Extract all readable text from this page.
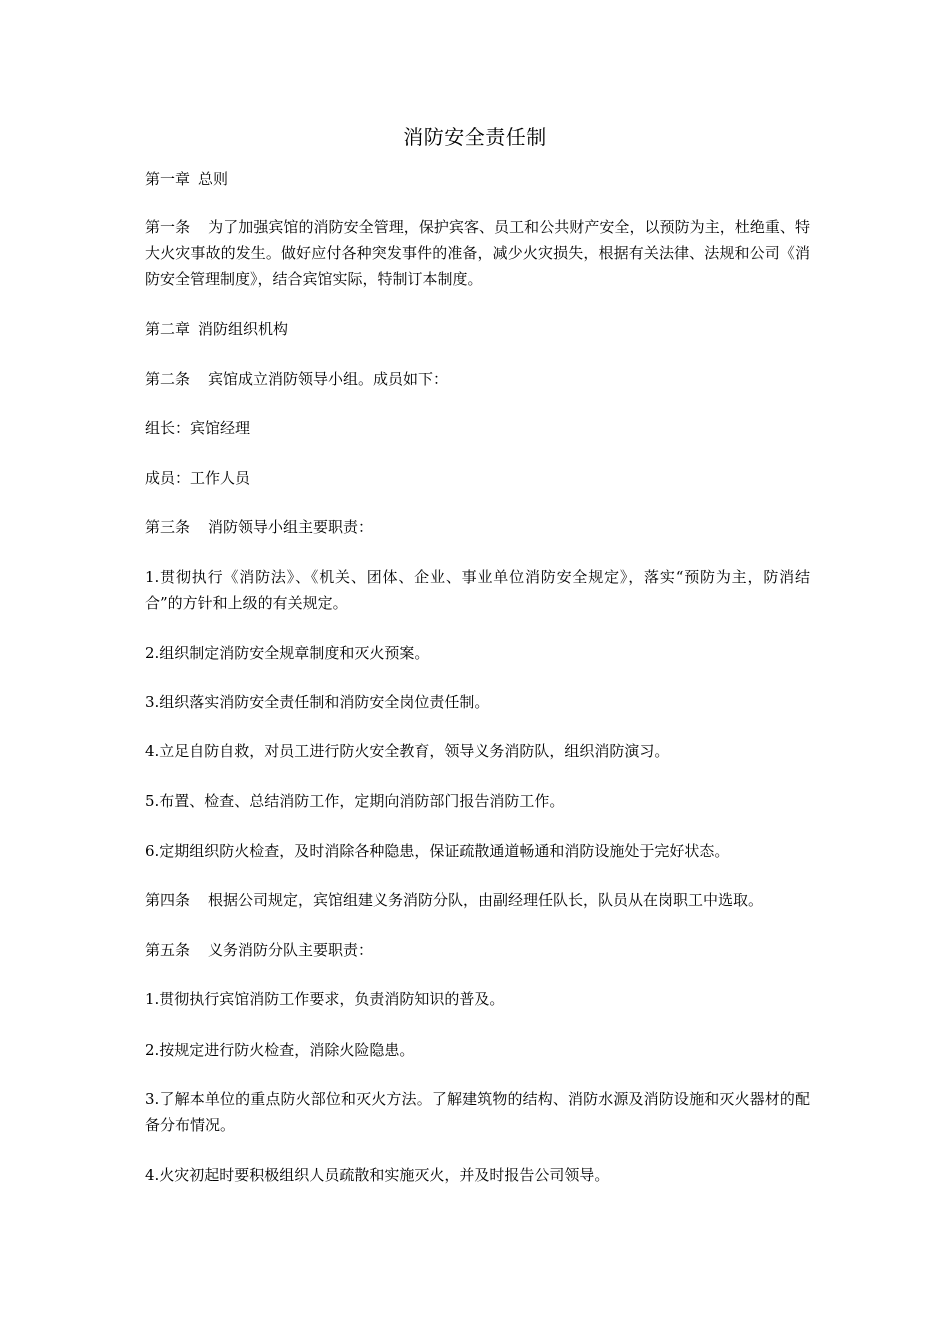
消防安全责任制

第一章 总则

第一条 为了加强宾馆的消防安全管理，保护宾客、员工和公共财产安全，以预防为主，杜绝重、特大火灾事故的发生。做好应付各种突发事件的准备，减少火灾损失，根据有关法律、法规和公司《消防安全管理制度》，结合宾馆实际，特制订本制度。

第二章 消防组织机构

第二条 宾馆成立消防领导小组。成员如下：

组长：宾馆经理

成员：工作人员

第三条 消防领导小组主要职责：

1.贯彻执行《消防法》、《机关、团体、企业、事业单位消防安全规定》，落实“预防为主，防消结合”的方针和上级的有关规定。

2.组织制定消防安全规章制度和灭火预案。

3.组织落实消防安全责任制和消防安全岗位责任制。

4.立足自防自救，对员工进行防火安全教育，领导义务消防队，组织消防演习。

5.布置、检查、总结消防工作，定期向消防部门报告消防工作。

6.定期组织防火检查，及时消除各种隐患，保证疏散通道畅通和消防设施处于完好状态。

第四条 根据公司规定，宾馆组建义务消防分队，由副经理任队长，队员从在岗职工中选取。

第五条 义务消防分队主要职责：

1.贯彻执行宾馆消防工作要求，负责消防知识的普及。

2.按规定进行防火检查，消除火险隐患。

3.了解本单位的重点防火部位和灭火方法。了解建筑物的结构、消防水源及消防设施和灭火器材的配备分布情况。

4.火灾初起时要积极组织人员疏散和实施灭火，并及时报告公司领导。
